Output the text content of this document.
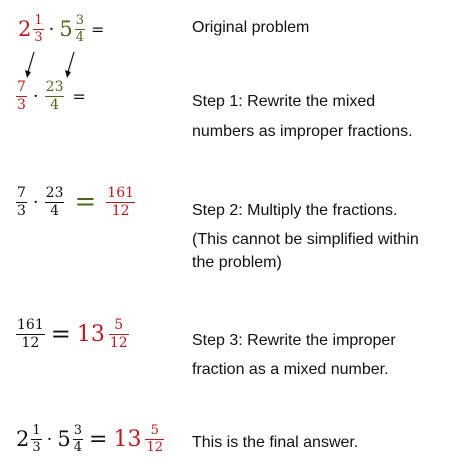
$2 \frac{1}{3} \cdot 5 \frac{3}{4}$ =	Original problem
$\frac{7}{3} \cdot \frac{23}{4}$ =	Step 1: Rewrite the mixed
numbers as improper fractions.
$\frac{7}{3} \cdot \frac{23}{4} = \frac{161}{12}$	Step 2: Multiply the fractions.
(This cannot be simplified within
the problem)
$\frac{161}{12} = 13 \frac{5}{12}$	Step 3: Rewrite the improper
fraction as a mixed number.
$2 \frac{1}{3} \cdot 5 \frac{3}{4} = 13 \frac{5}{12}$ This is the final answer.
